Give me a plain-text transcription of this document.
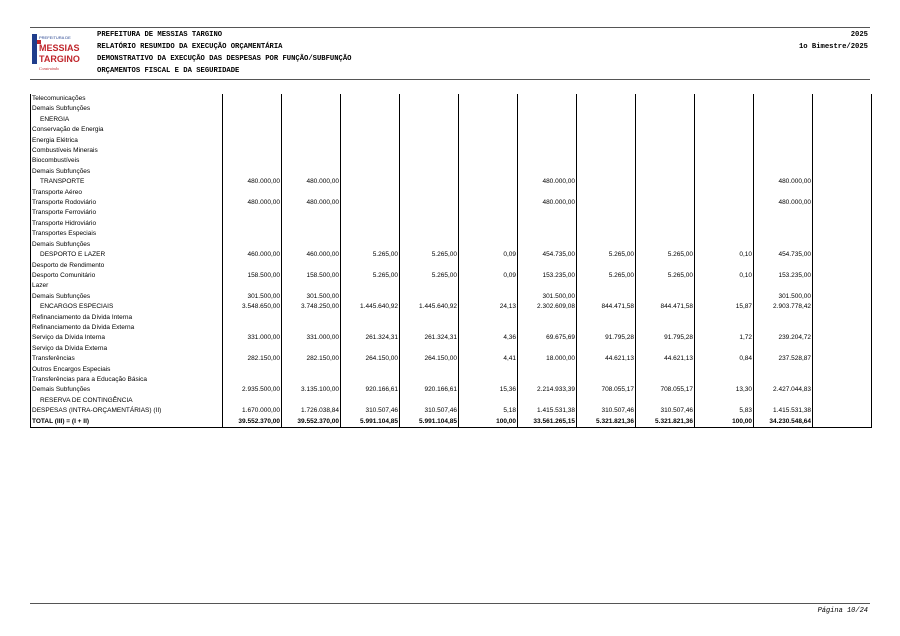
PREFEITURA DE
MESSIAS
TARGINO
Construindo
PREFEITURA DE MESSIAS TARGINO
RELATÓRIO RESUMIDO DA EXECUÇÃO ORÇAMENTÁRIA
DEMONSTRATIVO DA EXECUÇÃO DAS DESPESAS POR FUNÇÃO/SUBFUNÇÃO
ORÇAMENTOS FISCAL E DA SEGURIDADE
2025
1o Bimestre/2025
Telecomunicações											
Demais Subfunções											
ENERGIA											
Conservação de Energia											
Energia Elétrica											
Combustíveis Minerais											
Biocombustíveis											
Demais Subfunções											
TRANSPORTE	480.000,00	480.000,00				480.000,00				480.000,00	
Transporte Aéreo											
Transporte Rodoviário	480.000,00	480.000,00				480.000,00				480.000,00	
Transporte Ferroviário											
Transporte Hidroviário											
Transportes Especiais											
Demais Subfunções											
DESPORTO E LAZER	460.000,00	460.000,00	5.265,00	5.265,00	0,09	454.735,00	5.265,00	5.265,00	0,10	454.735,00	
Desporto de Rendimento											
Desporto Comunitário	158.500,00	158.500,00	5.265,00	5.265,00	0,09	153.235,00	5.265,00	5.265,00	0,10	153.235,00	
Lazer											
Demais Subfunções	301.500,00	301.500,00				301.500,00				301.500,00	
ENCARGOS ESPECIAIS	3.548.650,00	3.748.250,00	1.445.640,92	1.445.640,92	24,13	2.302.609,08	844.471,58	844.471,58	15,87	2.903.778,42	
Refinanciamento da Dívida Interna											
Refinanciamento da Dívida Externa											
Serviço da Dívida Interna	331.000,00	331.000,00	261.324,31	261.324,31	4,36	69.675,69	91.795,28	91.795,28	1,72	239.204,72	
Serviço da Dívida Externa											
Transferências	282.150,00	282.150,00	264.150,00	264.150,00	4,41	18.000,00	44.621,13	44.621,13	0,84	237.528,87	
Outros Encargos Especiais											
Transferências para a Educação Básica											
Demais Subfunções	2.935.500,00	3.135.100,00	920.166,61	920.166,61	15,36	2.214.933,39	708.055,17	708.055,17	13,30	2.427.044,83	
RESERVA DE CONTINGÊNCIA											
DESPESAS (INTRA-ORÇAMENTÁRIAS) (II)	1.670.000,00	1.726.038,84	310.507,46	310.507,46	5,18	1.415.531,38	310.507,46	310.507,46	5,83	1.415.531,38	
TOTAL (III) = (I + II)	39.552.370,00	39.552.370,00	5.991.104,85	5.991.104,85	100,00	33.561.265,15	5.321.821,36	5.321.821,36	100,00	34.230.548,64	
Página 10/24
